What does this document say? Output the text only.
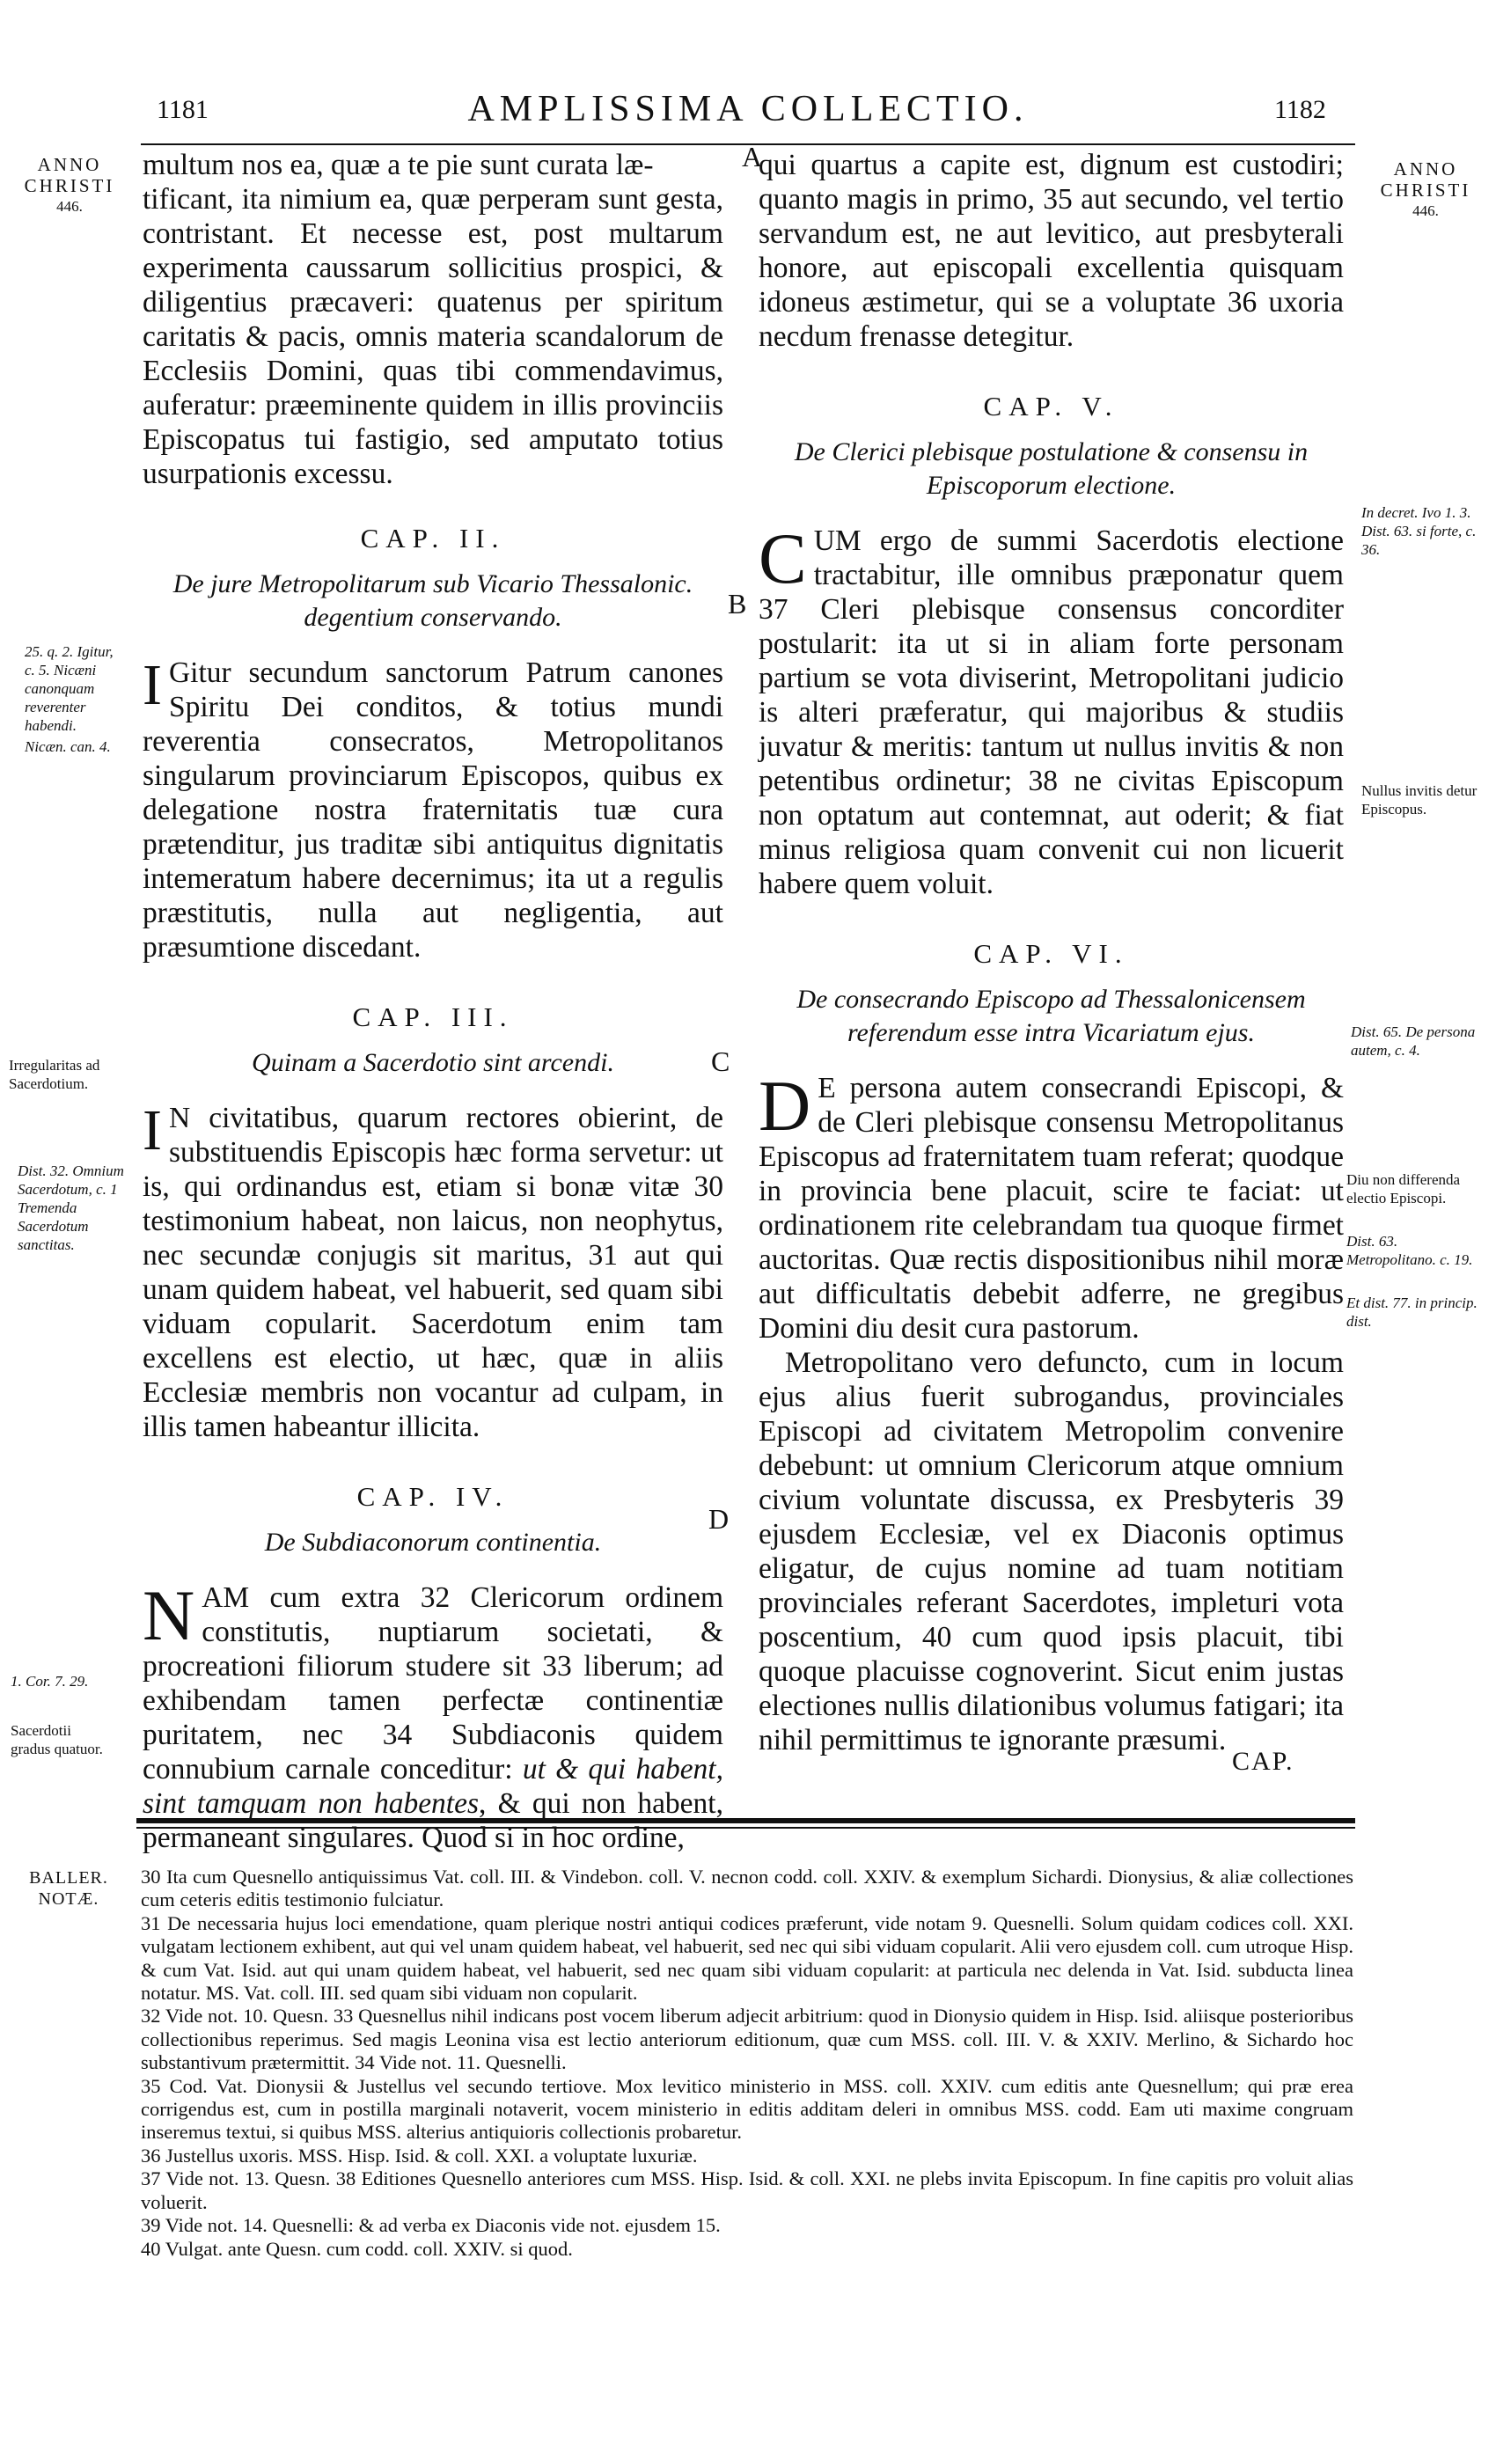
1181	AMPLISSIMA COLLECTIO.	1182
ANNO
CHRISTI
446.
ANNO
CHRISTI
446.

multum nos ea, quæ a te pie sunt curata læ-

tificant, ita nimium ea, quæ perperam sunt gesta, contristant. Et necesse est, post multarum experimenta caussarum sollicitius prospici, & diligentius præcaveri: quatenus per spiritum caritatis & pacis, omnis materia scandalorum de Ecclesiis Domini, quas tibi commendavimus, auferatur: præeminente quidem in illis provinciis Episcopatus tui fastigio, sed amputato totius usurpationis excessu.

CAP. II.
De jure Metropolitarum sub Vicario Thessalonic. degentium conservando.

I Gitur secundum sanctorum Patrum canones Spiritu Dei conditos, & totius mundi reverentia consecratos, Metropolitanos singularum provinciarum Episcopos, quibus ex delegatione nostra fraternitatis tuæ cura prætenditur, jus traditæ sibi antiquitus dignitatis intemeratum habere decernimus; ita ut a regulis præstitutis, nulla aut negligentia, aut præsumtione discedant.

CAP. III.
Quinam a Sacerdotio sint arcendi.

I N civitatibus, quarum rectores obierint, de substituendis Episcopis hæc forma servetur: ut is, qui ordinandus est, etiam si bonæ vitæ 30 testimonium habeat, non laicus, non neophytus, nec secundæ conjugis sit maritus, 31 aut qui unam quidem habeat, vel habuerit, sed quam sibi viduam copularit. Sacerdotum enim tam excellens est electio, ut hæc, quæ in aliis Ecclesiæ membris non vocantur ad culpam, in illis tamen habeantur illicita.

CAP. IV.
De Subdiaconorum continentia.

NAM cum extra 32 Clericorum ordinem constitutis, nuptiarum societati, & procreationi filiorum studere sit 33 liberum; ad exhibendam tamen perfectæ continentiæ puritatem, nec 34 Subdiaconis quidem connubium carnale conceditur: ut & qui habent, sint tamquam non habentes, & qui non habent, permaneant singulares. Quod si in hoc ordine,

A
B
C
D

qui quartus a capite est, dignum est custodiri; quanto magis in primo, 35 aut secundo, vel tertio servandum est, ne aut levitico, aut presbyterali honore, aut episcopali excellentia quisquam idoneus æstimetur, qui se a voluptate 36 uxoria necdum frenasse detegitur.

CAP. V.
De Clerici plebisque postulatione & consensu in Episcoporum electione.

CUM ergo de summi Sacerdotis electione tractabitur, ille omnibus præponatur quem 37 Cleri plebisque consensus concorditer postularit: ita ut si in aliam forte personam partium se vota diviserint, Metropolitani judicio is alteri præferatur, qui majoribus & studiis juvatur & meritis: tantum ut nullus invitis & non petentibus ordinetur; 38 ne civitas Episcopum non optatum aut contemnat, aut oderit; & fiat minus religiosa quam convenit cui non licuerit habere quem voluit.

CAP. VI.
De consecrando Episcopo ad Thessalonicensem referendum esse intra Vicariatum ejus.

D E persona autem consecrandi Episcopi, & de Cleri plebisque consensu Metropolitanus Episcopus ad fraternitatem tuam referat; quodque in provincia bene placuit, scire te faciat: ut ordinationem rite celebrandam tua quoque firmet auctoritas. Quæ rectis dispositionibus nihil moræ aut difficultatis debebit adferre, ne gregibus Domini diu desit cura pastorum.

Metropolitano vero defuncto, cum in locum ejus alius fuerit subrogandus, provinciales Episcopi ad civitatem Metropolim convenire debebunt: ut omnium Clericorum atque omnium civium voluntate discussa, ex Presbyteris 39 ejusdem Ecclesiæ, vel ex Diaconis optimus eligatur, de cujus nomine ad tuam notitiam provinciales referant Sacerdotes, impleturi vota poscentium, 40 cum quod ipsis placuit, tibi quoque placuisse cognoverint. Sicut enim justas electiones nullis dilationibus volumus fatigari; ita nihil permittimus te ignorante præsumi.

CAP.
25. q. 2. Igitur, c. 5. Nicæni canonquam reverenter habendi.
Nicæn. can. 4.
Irregularitas ad Sacerdotium.
Dist. 32. Omnium Sacerdotum, c. 1 Tremenda Sacerdotum sanctitas.
1. Cor. 7. 29.
Sacerdotii gradus quatuor.
In decret. Ivo 1. 3. Dist. 63. si forte, c. 36.
Nullus invitis detur Episcopus.
Dist. 65. De persona autem, c. 4.
Diu non differenda electio Episcopi.
Dist. 63. Metropolitano. c. 19.
Et dist. 77. in princip. dist.
BALLER.
NOTÆ.

30 Ita cum Quesnello antiquissimus Vat. coll. III. & Vindebon. coll. V. necnon codd. coll. XXIV. & exemplum Sichardi. Dionysius, & aliæ collectiones cum ceteris editis testimonio fulciatur.

31 De necessaria hujus loci emendatione, quam plerique nostri antiqui codices præferunt, vide notam 9. Quesnelli. Solum quidam codices coll. XXI. vulgatam lectionem exhibent, aut qui vel unam quidem habeat, vel habuerit, sed nec qui sibi viduam copularit. Alii vero ejusdem coll. cum utroque Hisp. & cum Vat. Isid. aut qui unam quidem habeat, vel habuerit, sed nec quam sibi viduam copularit: at particula nec delenda in Vat. Isid. subducta linea notatur. MS. Vat. coll. III. sed quam sibi viduam non copularit.

32 Vide not. 10. Quesn. 33 Quesnellus nihil indicans post vocem liberum adjecit arbitrium: quod in Dionysio quidem in Hisp. Isid. aliisque posterioribus collectionibus reperimus. Sed magis Leonina visa est lectio anteriorum editionum, quæ cum MSS. coll. III. V. & XXIV. Merlino, & Sichardo hoc substantivum prætermittit. 34 Vide not. 11. Quesnelli.

35 Cod. Vat. Dionysii & Justellus vel secundo tertiove. Mox levitico ministerio in MSS. coll. XXIV. cum editis ante Quesnellum; qui præ erea corrigendus est, cum in postilla marginali notaverit, vocem ministerio in editis additam deleri in omnibus MSS. codd. Eam uti maxime congruam inseremus textui, si quibus MSS. alterius antiquioris collectionis probaretur.

36 Justellus uxoris. MSS. Hisp. Isid. & coll. XXI. a voluptate luxuriæ.

37 Vide not. 13. Quesn. 38 Editiones Quesnello anteriores cum MSS. Hisp. Isid. & coll. XXI. ne plebs invita Episcopum. In fine capitis pro voluit alias voluerit.

39 Vide not. 14. Quesnelli: & ad verba ex Diaconis vide not. ejusdem 15.

40 Vulgat. ante Quesn. cum codd. coll. XXIV. si quod.
